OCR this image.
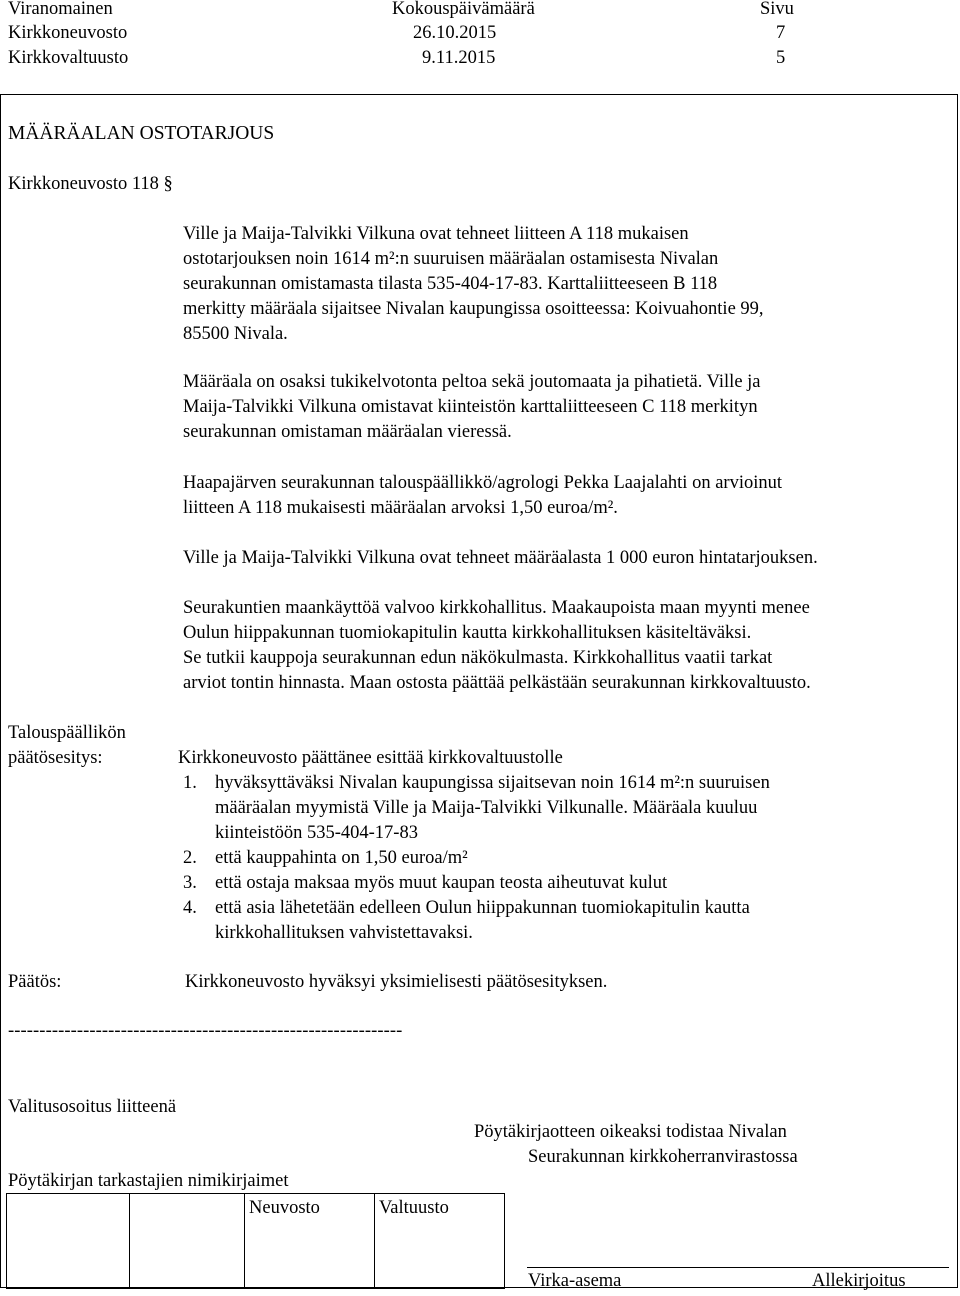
Viranomainen	Kokouspäivämäärä	Sivu
Kirkkoneuvosto	26.10.2015	7
Kirkkovaltuusto	9.11.2015	5
MÄÄRÄALAN OSTOTARJOUS
Kirkkoneuvosto 118 §
Ville ja Maija-Talvikki Vilkuna ovat tehneet liitteen A 118 mukaisen
ostotarjouksen noin 1614 m²:n suuruisen määräalan ostamisesta Nivalan
seurakunnan omistamasta tilasta 535-404-17-83. Karttaliitteeseen B 118
merkitty määräala sijaitsee Nivalan kaupungissa osoitteessa: Koivuahontie 99,
85500 Nivala.
Määräala on osaksi tukikelvotonta peltoa sekä joutomaata ja pihatietä. Ville ja
Maija-Talvikki Vilkuna omistavat kiinteistön karttaliitteeseen C 118 merkityn
seurakunnan omistaman määräalan vieressä.
Haapajärven seurakunnan talouspäällikkö/agrologi Pekka Laajalahti on arvioinut
liitteen A 118 mukaisesti määräalan arvoksi 1,50 euroa/m².
Ville ja Maija-Talvikki Vilkuna ovat tehneet määräalasta 1 000 euron hintatarjouksen.
Seurakuntien maankäyttöä valvoo kirkkohallitus. Maakaupoista maan myynti menee
Oulun hiippakunnan tuomiokapitulin kautta kirkkohallituksen käsiteltäväksi.
Se tutkii kauppoja seurakunnan edun näkökulmasta. Kirkkohallitus vaatii tarkat
arviot tontin hinnasta. Maan ostosta päättää pelkästään seurakunnan kirkkovaltuusto.
Talouspäällikön
päätösesitys:	Kirkkoneuvosto päättänee esittää kirkkovaltuustolle
1. hyväksyttäväksi Nivalan kaupungissa sijaitsevan noin 1614 m²:n suuruisen
määräalan myymistä Ville ja Maija-Talvikki Vilkunalle. Määräala kuuluu
kiinteistöön 535-404-17-83
2. että kauppahinta on 1,50 euroa/m²
3. että ostaja maksaa myös muut kaupan teosta aiheutuvat kulut
4. että asia lähetetään edelleen Oulun hiippakunnan tuomiokapitulin kautta
kirkkohallituksen vahvistettavaksi.
Päätös:	Kirkkoneuvosto hyväksyi yksimielisesti päätösesityksen.
---------------------------------------------------------------
Valitusosoitus liitteenä
Pöytäkirjaotteen oikeaksi todistaa Nivalan
Seurakunnan kirkkoherranvirastossa
Pöytäkirjan tarkastajien nimikirjaimet
		Neuvosto	Valtuusto	
Virka-asema	Allekirjoitus
